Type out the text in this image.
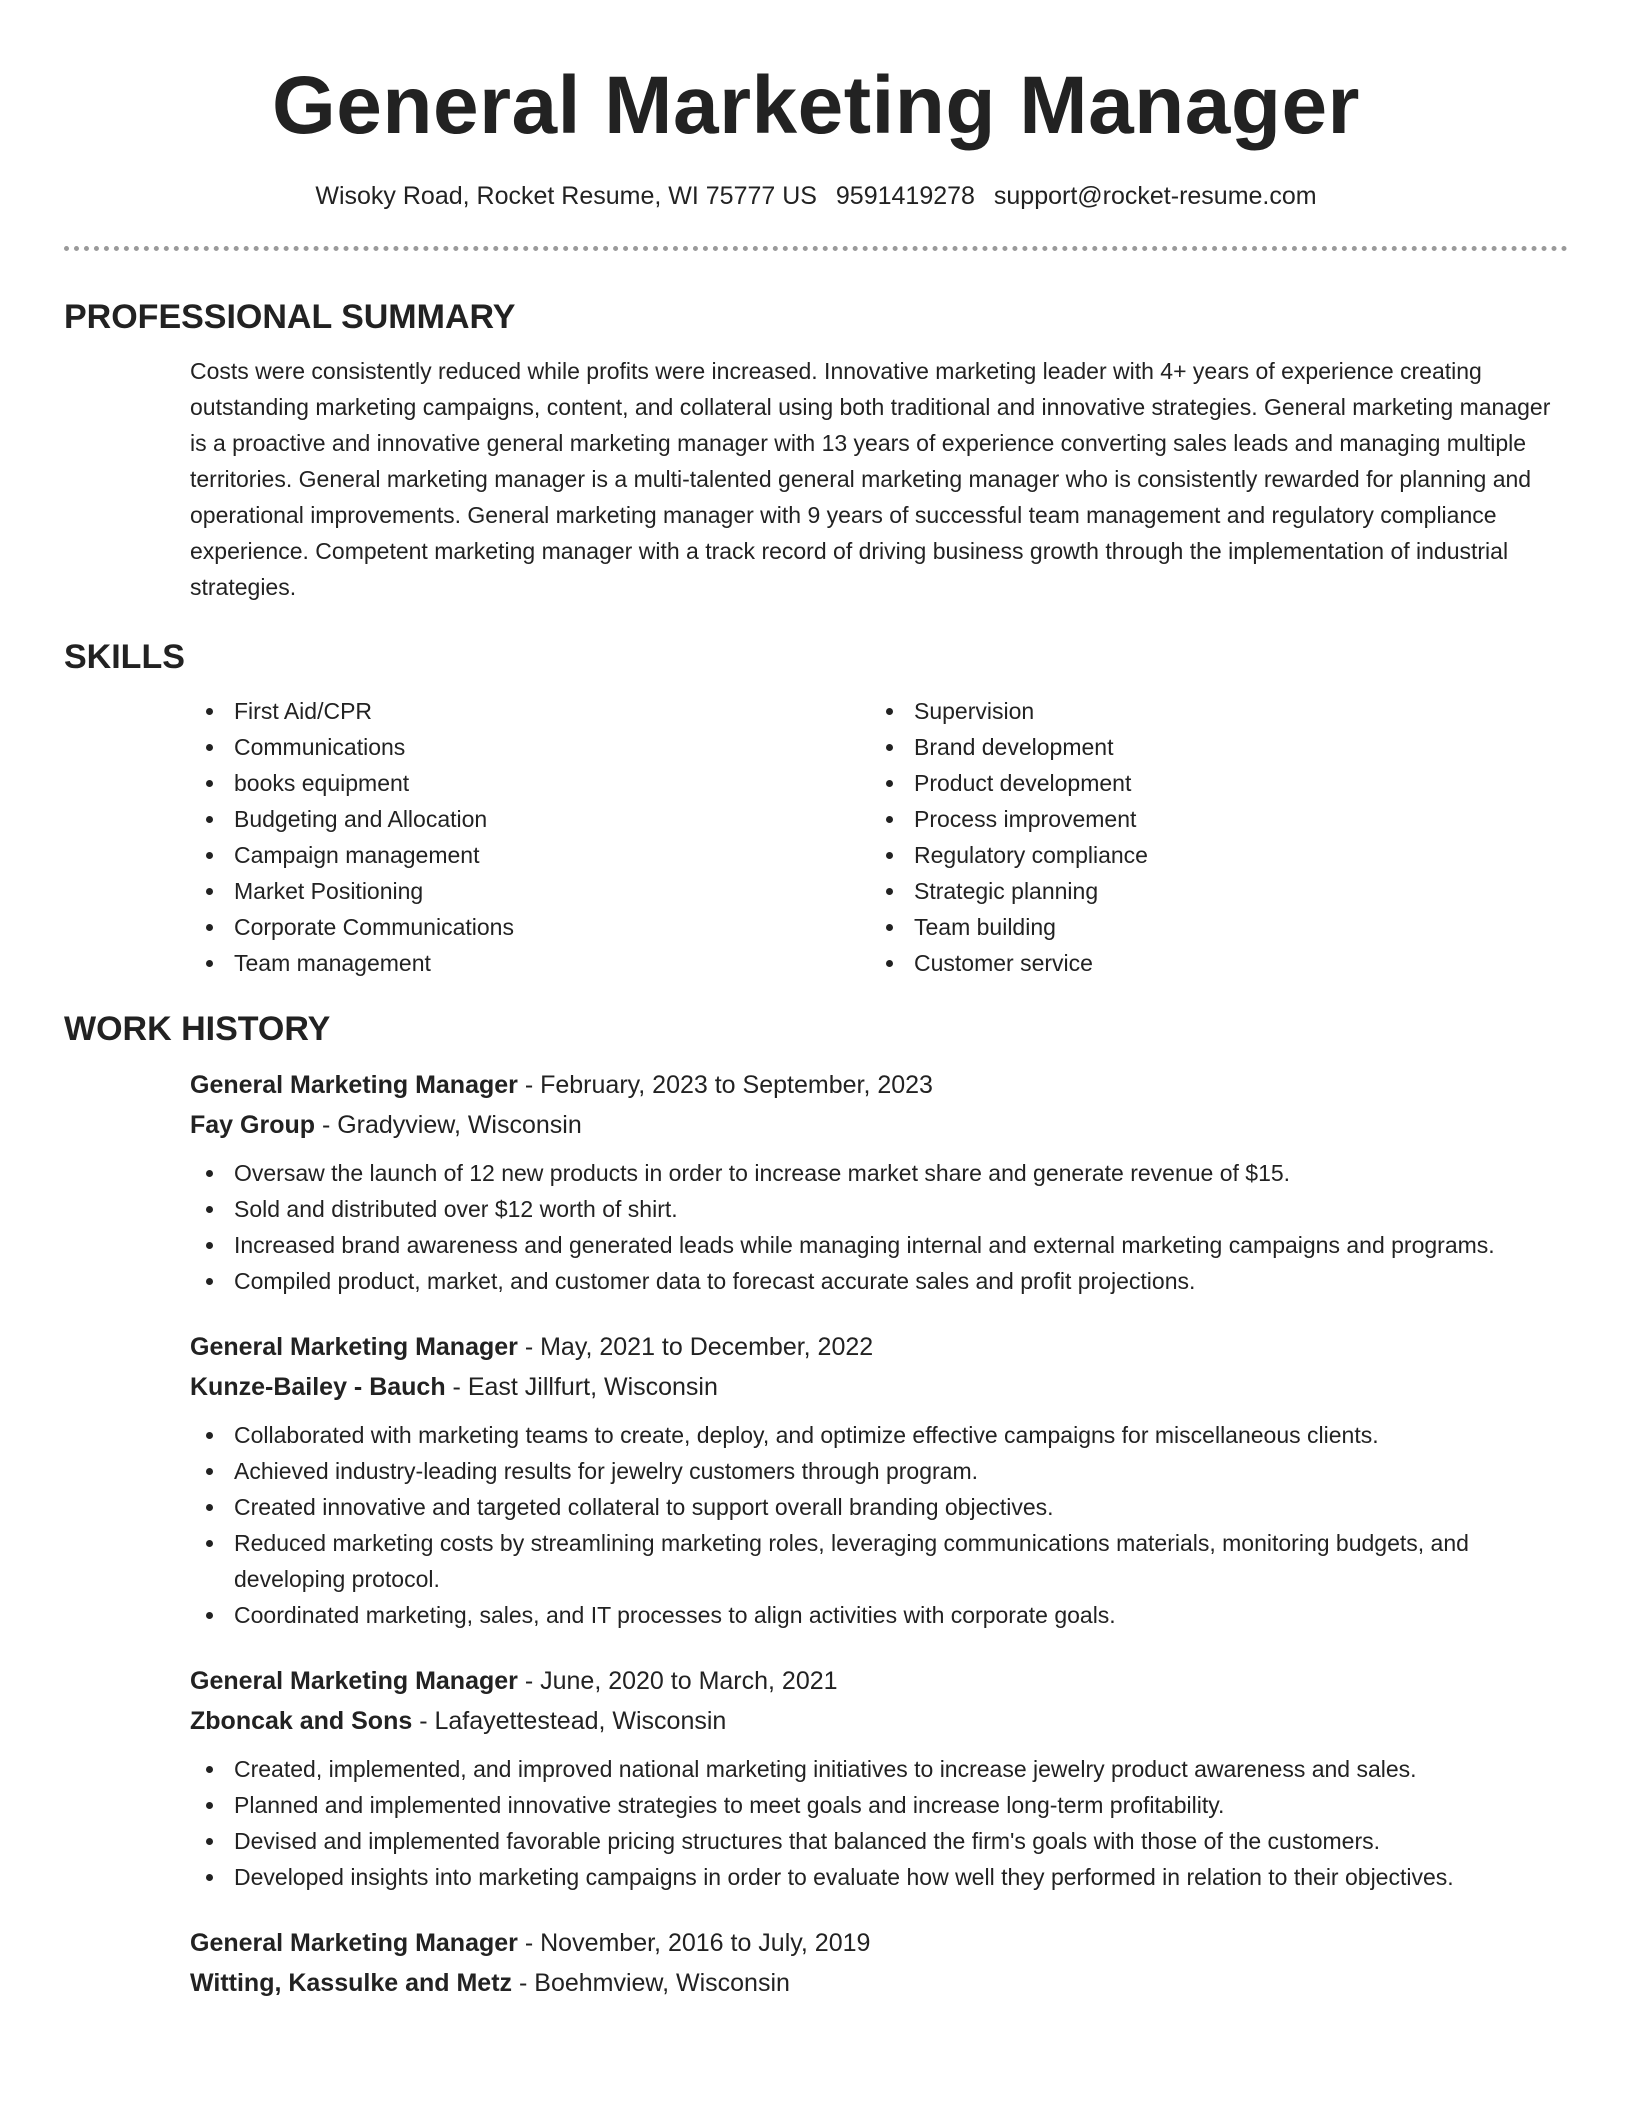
General Marketing Manager
Wisoky Road, Rocket Resume, WI 75777 US 9591419278 support@rocket-resume.com
PROFESSIONAL SUMMARY

Costs were consistently reduced while profits were increased. Innovative marketing leader with 4+ years of experience creating outstanding marketing campaigns, content, and collateral using both traditional and innovative strategies. General marketing manager is a proactive and innovative general marketing manager with 13 years of experience converting sales leads and managing multiple territories. General marketing manager is a multi-talented general marketing manager who is consistently rewarded for planning and operational improvements. General marketing manager with 9 years of successful team management and regulatory compliance experience. Competent marketing manager with a track record of driving business growth through the implementation of industrial strategies.

SKILLS
First Aid/CPR
Communications
books equipment
Budgeting and Allocation
Campaign management
Market Positioning
Corporate Communications
Team management
Supervision
Brand development
Product development
Process improvement
Regulatory compliance
Strategic planning
Team building
Customer service
WORK HISTORY
General Marketing Manager - February, 2023 to September, 2023
Fay Group - Gradyview, Wisconsin
Oversaw the launch of 12 new products in order to increase market share and generate revenue of $15.
Sold and distributed over $12 worth of shirt.
Increased brand awareness and generated leads while managing internal and external marketing campaigns and programs.
Compiled product, market, and customer data to forecast accurate sales and profit projections.
General Marketing Manager - May, 2021 to December, 2022
Kunze-Bailey - Bauch - East Jillfurt, Wisconsin
Collaborated with marketing teams to create, deploy, and optimize effective campaigns for miscellaneous clients.
Achieved industry-leading results for jewelry customers through program.
Created innovative and targeted collateral to support overall branding objectives.
Reduced marketing costs by streamlining marketing roles, leveraging communications materials, monitoring budgets, and developing protocol.
Coordinated marketing, sales, and IT processes to align activities with corporate goals.
General Marketing Manager - June, 2020 to March, 2021
Zboncak and Sons - Lafayettestead, Wisconsin
Created, implemented, and improved national marketing initiatives to increase jewelry product awareness and sales.
Planned and implemented innovative strategies to meet goals and increase long-term profitability.
Devised and implemented favorable pricing structures that balanced the firm's goals with those of the customers.
Developed insights into marketing campaigns in order to evaluate how well they performed in relation to their objectives.
General Marketing Manager - November, 2016 to July, 2019
Witting, Kassulke and Metz - Boehmview, Wisconsin
